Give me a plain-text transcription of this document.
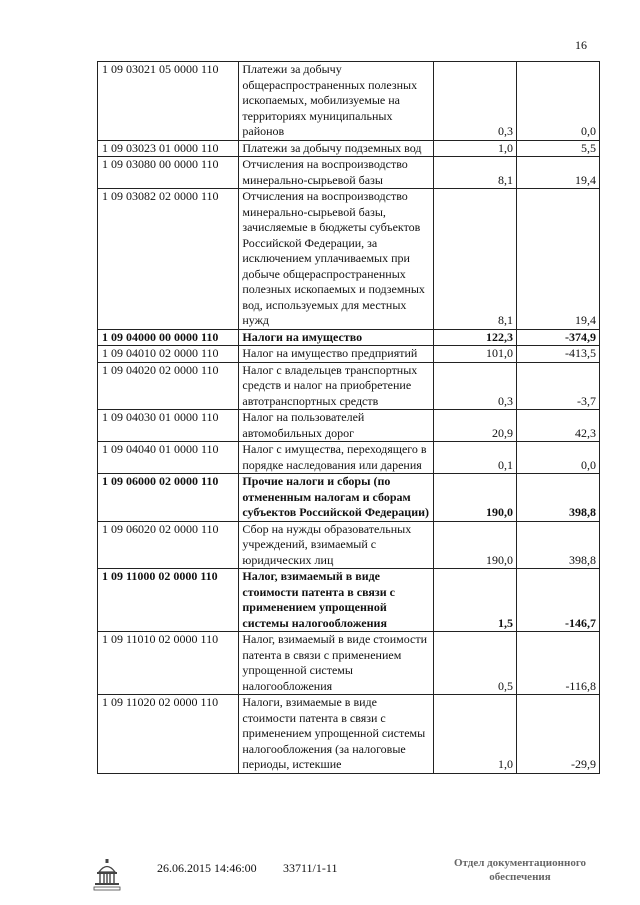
16
1 09 03021 05 0000 110	Платежи за добычу общераспространенных полезных ископаемых, мобилизуемые на территориях муниципальных районов	0,3	0,0
1 09 03023 01 0000 110	Платежи за добычу подземных вод	1,0	5,5
1 09 03080 00 0000 110	Отчисления на воспроизводство минерально-сырьевой базы	8,1	19,4
1 09 03082 02 0000 110	Отчисления на воспроизводство минерально-сырьевой базы, зачисляемые в бюджеты субъектов Российской Федерации, за исключением уплачиваемых при добыче общераспространенных полезных ископаемых и подземных вод, используемых для местных нужд	8,1	19,4
1 09 04000 00 0000 110	Налоги на имущество	122,3	-374,9
1 09 04010 02 0000 110	Налог на имущество предприятий	101,0	-413,5
1 09 04020 02 0000 110	Налог с владельцев транспортных средств и налог на приобретение автотранспортных средств	0,3	-3,7
1 09 04030 01 0000 110	Налог на пользователей автомобильных дорог	20,9	42,3
1 09 04040 01 0000 110	Налог с имущества, переходящего в порядке наследования или дарения	0,1	0,0
1 09 06000 02 0000 110	Прочие налоги и сборы (по отмененным налогам и сборам субъектов Российской Федерации)	190,0	398,8
1 09 06020 02 0000 110	Сбор на нужды образовательных учреждений, взимаемый с юридических лиц	190,0	398,8
1 09 11000 02 0000 110	Налог, взимаемый в виде стоимости патента в связи с применением упрощенной системы налогообложения	1,5	-146,7
1 09 11010 02 0000 110	Налог, взимаемый в виде стоимости патента в связи с применением упрощенной системы налогообложения	0,5	-116,8
1 09 11020 02 0000 110	Налоги, взимаемые в виде стоимости патента в связи с применением упрощенной системы налогообложения (за налоговые периоды, истекшие	1,0	-29,9
26.06.2015 14:46:00 33711/1-11	Отдел документационного
обеспечения
